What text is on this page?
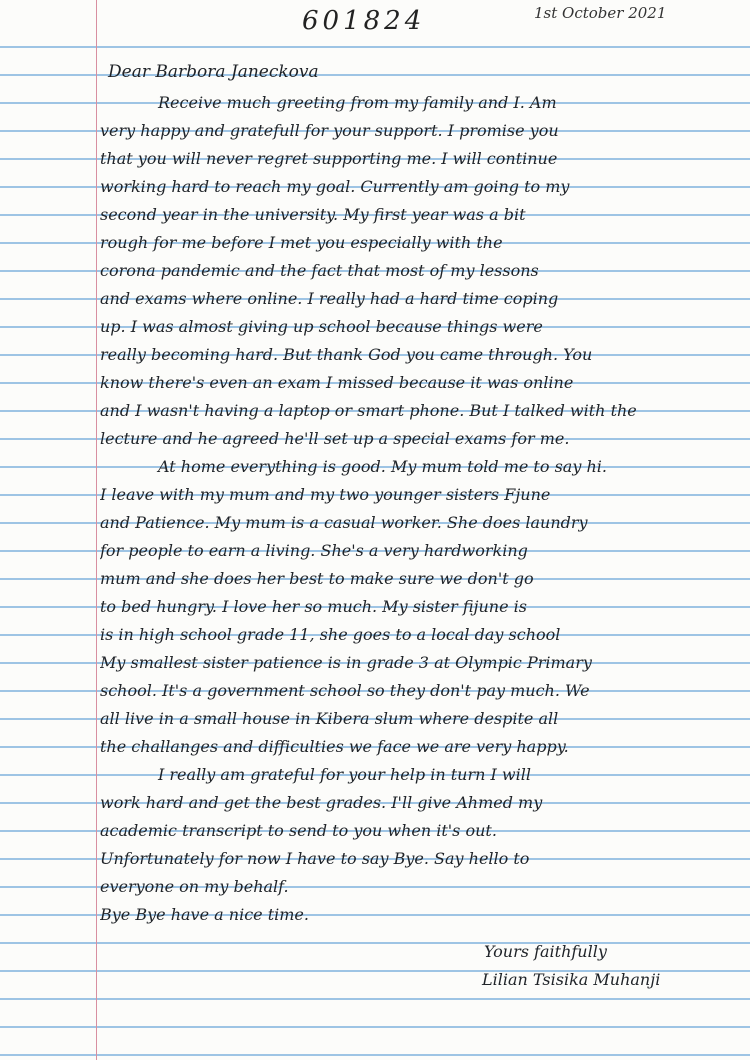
601824	1st October 2021
Dear Barbora Janeckova
Receive much greeting from my family and I. Am
very happy and gratefull for your support. I promise you
that you will never regret supporting me. I will continue
working hard to reach my goal. Currently am going to my
second year in the university. My first year was a bit
rough for me before I met you especially with the
corona pandemic and the fact that most of my lessons
and exams where online. I really had a hard time coping
up. I was almost giving up school because things were
really becoming hard. But thank God you came through. You
know there's even an exam I missed because it was online
and I wasn't having a laptop or smart phone. But I talked with the
lecture and he agreed he'll set up a special exams for me.
At home everything is good. My mum told me to say hi.
I leave with my mum and my two younger sisters Fjune
and Patience. My mum is a casual worker. She does laundry
for people to earn a living. She's a very hardworking
mum and she does her best to make sure we don't go
to bed hungry. I love her so much. My sister fijune is
is in high school grade 11, she goes to a local day school
My smallest sister patience is in grade 3 at Olympic Primary
school. It's a government school so they don't pay much. We
all live in a small house in Kibera slum where despite all
the challanges and difficulties we face we are very happy.
I really am grateful for your help in turn I will
work hard and get the best grades. I'll give Ahmed my
academic transcript to send to you when it's out.
Unfortunately for now I have to say Bye. Say hello to
everyone on my behalf.
Bye Bye have a nice time.
Yours faithfully
Lilian Tsisika Muhanji
